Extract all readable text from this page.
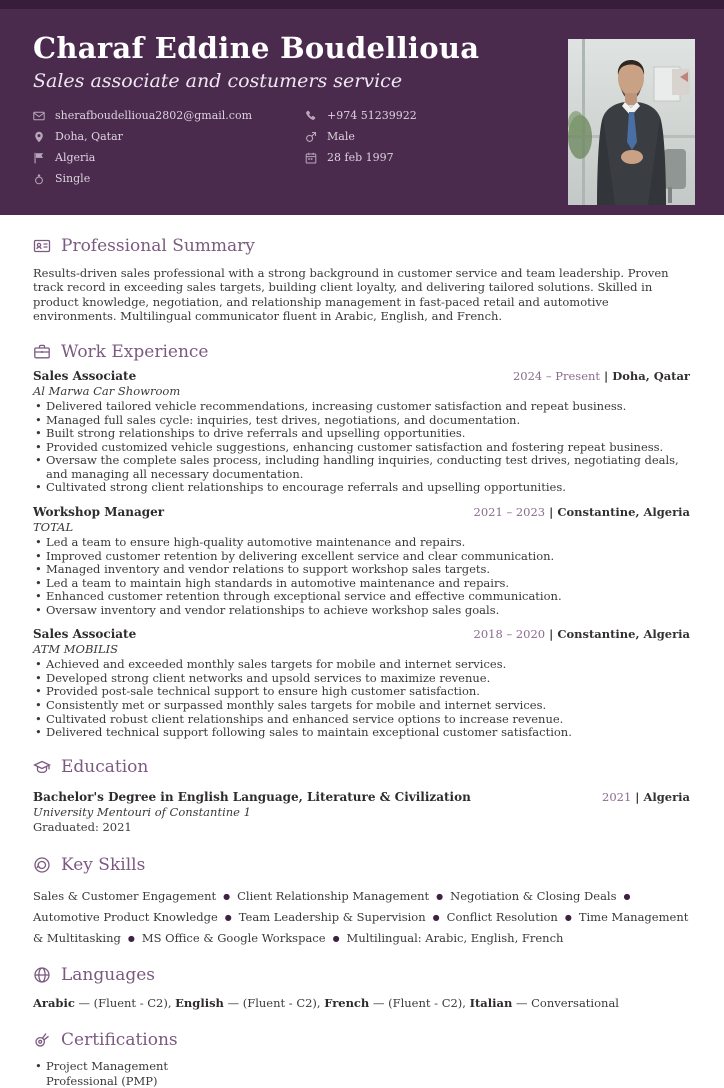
Charaf Eddine Boudellioua
Sales associate and costumers service
sherafboudellioua2802@gmail.com
Doha, Qatar
Algeria
Single
+974 51239922
Male
28 feb 1997
Professional Summary

Results-driven sales professional with a strong background in customer service and team leadership. Proven track record in exceeding sales targets, building client loyalty, and delivering tailored solutions. Skilled in product knowledge, negotiation, and relationship management in fast-paced retail and automotive environments. Multilingual communicator fluent in Arabic, English, and French.

Work Experience
Sales Associate	2024 – Present | Doha, Qatar
Al Marwa Car Showroom
• Delivered tailored vehicle recommendations, increasing customer satisfaction and repeat business.
• Managed full sales cycle: inquiries, test drives, negotiations, and documentation.
• Built strong relationships to drive referrals and upselling opportunities.
• Provided customized vehicle suggestions, enhancing customer satisfaction and fostering repeat business.
• Oversaw the complete sales process, including handling inquiries, conducting test drives, negotiating deals, and managing all necessary documentation.
• Cultivated strong client relationships to encourage referrals and upselling opportunities.
Workshop Manager	2021 – 2023 | Constantine, Algeria
TOTAL
• Led a team to ensure high-quality automotive maintenance and repairs.
• Improved customer retention by delivering excellent service and clear communication.
• Managed inventory and vendor relations to support workshop sales targets.
• Led a team to maintain high standards in automotive maintenance and repairs.
• Enhanced customer retention through exceptional service and effective communication.
• Oversaw inventory and vendor relationships to achieve workshop sales goals.
Sales Associate	2018 – 2020 | Constantine, Algeria
ATM MOBILIS
• Achieved and exceeded monthly sales targets for mobile and internet services.
• Developed strong client networks and upsold services to maximize revenue.
• Provided post-sale technical support to ensure high customer satisfaction.
• Consistently met or surpassed monthly sales targets for mobile and internet services.
• Cultivated robust client relationships and enhanced service options to increase revenue.
• Delivered technical support following sales to maintain exceptional customer satisfaction.
Education
Bachelor's Degree in English Language, Literature & Civilization	2021 | Algeria
University Mentouri of Constantine 1
Graduated: 2021
Key Skills

Sales & Customer Engagement ● Client Relationship Management ● Negotiation & Closing Deals ●Automotive Product Knowledge ● Team Leadership & Supervision ● Conflict Resolution ● Time Management & Multitasking ● MS Office & Google Workspace ● Multilingual: Arabic, English, French

Languages

Arabic — (Fluent - C2), English — (Fluent - C2), French — (Fluent - C2), Italian — Conversational

Certifications
• Project Management Professional (PMP)
